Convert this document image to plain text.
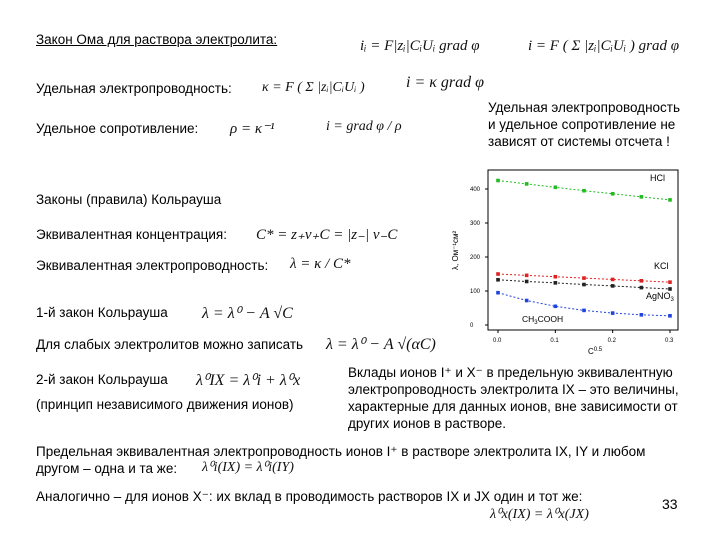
Закон Ома для раствора электролита:	iᵢ = F|zᵢ|CᵢUᵢ grad φ	i = F ( Σ |zᵢ|CᵢUᵢ ) grad φ
Удельная электропроводность: κ = F ( Σ |zᵢ|CᵢUᵢ )	i = κ grad φ
Удельная электропроводность
и удельное сопротивление не
зависят от системы отсчета !
Удельное сопротивление: ρ = κ⁻¹	i = grad φ / ρ
Законы (правила) Кольрауша
Эквивалентная концентрация: C* = z₊ν₊C = |z₋| ν₋C
Эквивалентная электропроводность: λ = κ / C*
1-й закон Кольрауша λ = λ⁰ − A √C
Для слабых электролитов можно записать λ = λ⁰ − A √(αC)
2-й закон Кольрауша λ⁰IX = λ⁰i + λ⁰x
(принцип независимого движения ионов)
Вклады ионов I⁺ и X⁻ в предельную эквивалентную
электропроводность электролита IX – это величины,
характерные для данных ионов, вне зависимости от
других ионов в растворе.
Предельная эквивалентная электропроводность ионов I⁺ в растворе электролита IX, IY и любом
другом – одна и та же: λ⁰i(IX) = λ⁰i(IY)
Аналогично – для ионов X⁻: их вклад в проводимость растворов IX и JX один и тот же:
λ⁰x(IX) = λ⁰x(JX)
33
0.0	0.1	0.2	0.3
0
100
200
300
400
λ, Ом⁻¹см²
$C^{0.5}$
HCl
KCl
AgNO$_3$
$CH_3COOH$
